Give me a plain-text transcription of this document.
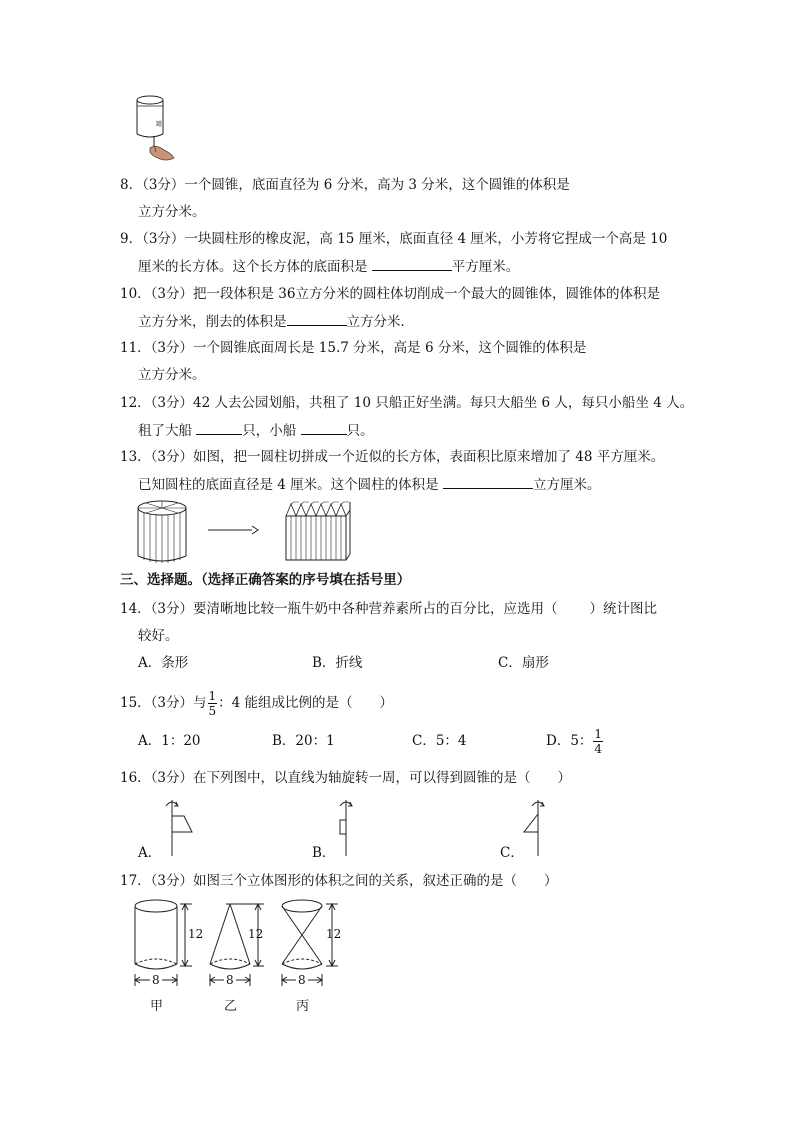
罐
8．（3分）一个圆锥，底面直径为 6 分米，高为 3 分米，这个圆锥的体积是
立方分米。
9．（3分）一块圆柱形的橡皮泥，高 15 厘米，底面直径 4 厘米，小芳将它捏成一个高是 10
厘米的长方体。这个长方体的底面积是	平方厘米。
10．（3分）把一段体积是 36立方分米的圆柱体切削成一个最大的圆锥体，圆锥体的体积是
立方分米，削去的体积是	立方分米．
11．（3分）一个圆锥底面周长是 15.7 分米，高是 6 分米，这个圆锥的体积是
立方分米。
12．（3分）42 人去公园划船，共租了 10 只船正好坐满。每只大船坐 6 人，每只小船坐 4 人。
租了大船	只，小船	只。
13．（3分）如图，把一圆柱切拼成一个近似的长方体，表面积比原来增加了 48 平方厘米。
已知圆柱的底面直径是 4 厘米。这个圆柱的体积是	立方厘米。
三、选择题。（选择正确答案的序号填在括号里）
14．（3分）要清晰地比较一瓶牛奶中各种营养素所占的百分比，应选用（ ）统计图比
较好。
A．条形	B．折线	C．扇形
15．（3分）与 $\frac{1}{5}$ ：4 能组成比例的是（　　）
A．1：20	B．20：1	C．5：4	D．5： $\frac{1}{4}$
16．（3分）在下列图中，以直线为轴旋转一周，可以得到圆锥的是（　　）
A．	B．	C．
17．（3分）如图三个立体图形的体积之间的关系，叙述正确的是（　　）
12
8
甲
12
8
乙
12
8
丙
